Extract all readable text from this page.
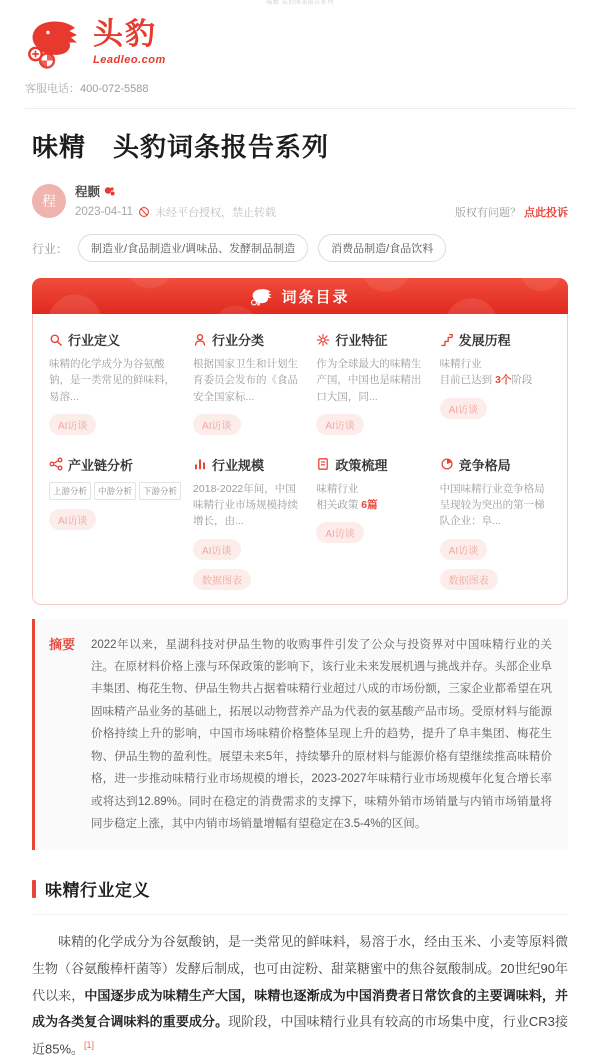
味精 头豹词条报告系列
头豹
Leadleo.com
客服电话：400-072-5588
味精　头豹词条报告系列
程
程颢
2023-04-11 未经平台授权，禁止转载	版权有问题？ 点此投诉
行业：	制造业/食品制造业/调味品、发酵制品制造	消费品制造/食品饮料
词条目录
行业定义
味精的化学成分为谷氨酸钠，是一类常见的鲜味料，易溶...
AI访谈
行业分类
根据国家卫生和计划生育委员会发布的《食品安全国家标...
AI访谈
行业特征
作为全球最大的味精生产国，中国也是味精出口大国，同...
AI访谈
发展历程
味精行业
目前已达到 3个阶段
AI访谈
产业链分析
上游分析	中游分析	下游分析
AI访谈
行业规模
2018-2022年间，中国味精行业市场规模持续增长，由...
AI访谈数据图表
政策梳理
味精行业
相关政策 6篇
AI访谈
竞争格局
中国味精行业竞争格局呈现较为突出的第一梯队企业：阜...
AI访谈数据图表
摘要	2022年以来，星湖科技对伊品生物的收购事件引发了公众与投资界对中国味精行业的关注。在原材料价格上涨与环保政策的影响下，该行业未来发展机遇与挑战并存。头部企业阜丰集团、梅花生物、伊品生物共占据着味精行业超过八成的市场份额，三家企业都希望在巩固味精产品业务的基础上，拓展以动物营养产品为代表的氨基酸产品市场。受原材料与能源价格持续上升的影响，中国市场味精价格整体呈现上升的趋势，提升了阜丰集团、梅花生物、伊品生物的盈利性。展望未来5年，持续攀升的原材料与能源价格有望继续推高味精价格，进一步推动味精行业市场规模的增长，2023-2027年味精行业市场规模年化复合增长率或将达到12.89%。同时在稳定的消费需求的支撑下，味精外销市场销量与内销市场销量将同步稳定上涨，其中内销市场销量增幅有望稳定在3.5-4%的区间。
味精行业定义

味精的化学成分为谷氨酸钠，是一类常见的鲜味料，易溶于水，经由玉米、小麦等原料微生物（谷氨酸棒杆菌等）发酵后制成，也可由淀粉、甜菜糖蜜中的焦谷氨酸制成。20世纪90年代以来，中国逐步成为味精生产大国，味精也逐渐成为中国消费者日常饮食的主要调味料，并成为各类复合调味料的重要成分。现阶段，中国味精行业具有较高的市场集中度，行业CR3接近85%。[1]
